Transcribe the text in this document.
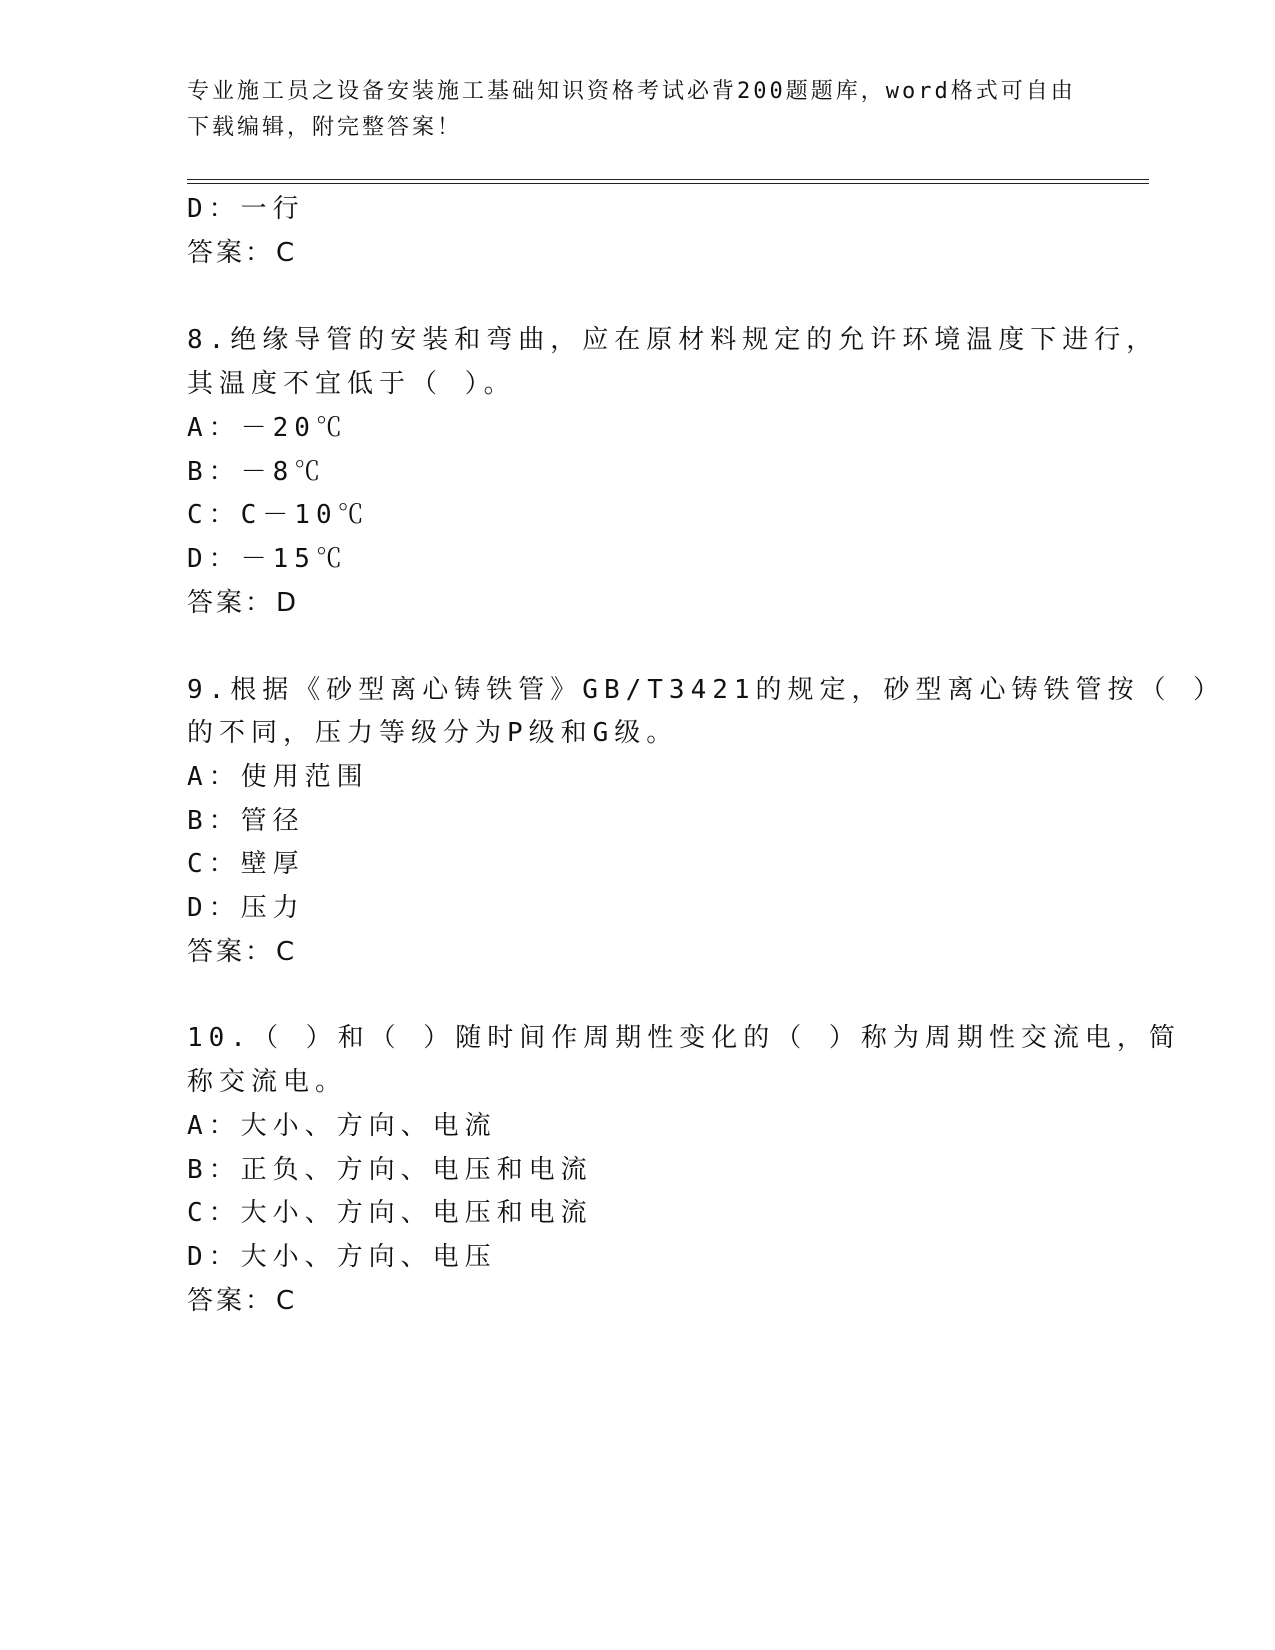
专业施工员之设备安装施工基础知识资格考试必背200题题库，word格式可自由
下载编辑，附完整答案！
D：一行
答案：C
8.绝缘导管的安装和弯曲，应在原材料规定的允许环境温度下进行，
其温度不宜低于（ ）。
A：－20℃
B：－8℃
C：C－10℃
D：－15℃
答案：D
9.根据《砂型离心铸铁管》GB/T3421的规定，砂型离心铸铁管按（ ）
的不同，压力等级分为P级和G级。
A：使用范围
B：管径
C：壁厚
D：压力
答案：C
10.（ ）和（ ）随时间作周期性变化的（ ）称为周期性交流电，简
称交流电。
A：大小、方向、电流
B：正负、方向、电压和电流
C：大小、方向、电压和电流
D：大小、方向、电压
答案：C
